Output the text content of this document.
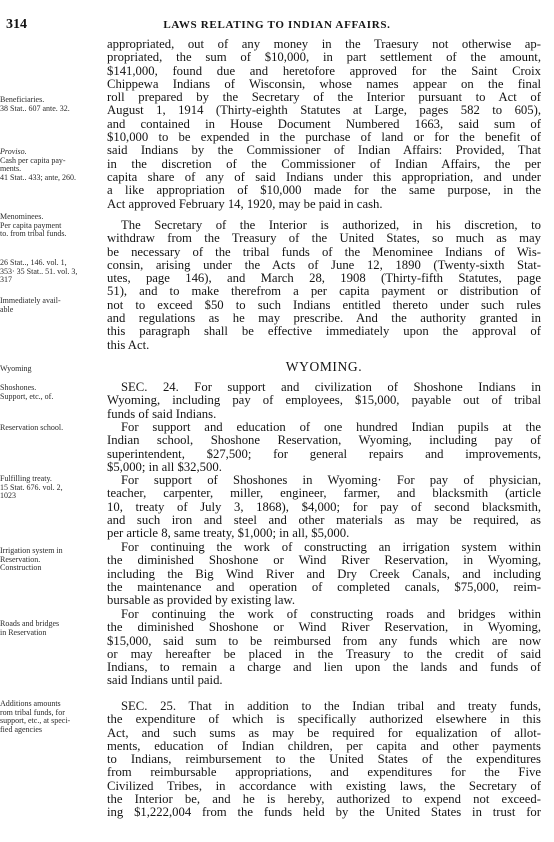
314	LAWS RELATING TO INDIAN AFFAIRS.
Beneficiaries.
38 Stat.. 607 ante. 32.
Proviso.
Cash per capita pay-
ments.
41 Stat.. 433; ante, 260.
Menominees.
Per capita payment
to. from tribal funds.
26 Stat.., 146. vol. 1,
353· 35 Stat.. 51. vol. 3,
317
Immediately avail-
able
Wyoming
Shoshones.
Support, etc., of.
Reservation school.
Fulfilling treaty.
15 Stat. 676. vol. 2,
1023
Irrigation system in
Reservation.
Construction
Roads and bridges
in Reservation
Additions amounts
rom tribal funds, for
support, etc., at speci-
fied agencies
appropriated, out of any money in the Traesury not otherwise ap-
propriated, the sum of $10,000, in part settlement of the amount,
$141,000, found due and heretofore approved for the Saint Croix
Chippewa Indians of Wisconsin, whose names appear on the final
roll prepared by the Secretary of the Interior pursuant to Act of
August 1, 1914 (Thirty-eighth Statutes at Large, pages 582 to 605),
and contained in House Document Numbered 1663, said sum of
$10,000 to be expended in the purchase of land or for the benefit of
said Indians by the Commissioner of Indian Affairs: Provided, That
in the discretion of the Commissioner of Indian Affairs, the per
capita share of any of said Indians under this appropriation, and under
a like appropriation of $10,000 made for the same purpose, in the
Act approved February 14, 1920, may be paid in cash.
The Secretary of the Interior is authorized, in his discretion, to
withdraw from the Treasury of the United States, so much as may
be necessary of the tribal funds of the Menominee Indians of Wis-
consin, arising under the Acts of June 12, 1890 (Twenty-sixth Stat-
utes, page 146), and March 28, 1908 (Thirty-fifth Statutes, page
51), and to make therefrom a per capita payment or distribution of
not to exceed $50 to such Indians entitled thereto under such rules
and regulations as he may prescribe. And the authority granted in
this paragraph shall be effective immediately upon the approval of
this Act.
WYOMING.
SEC. 24. For support and civilization of Shoshone Indians in
Wyoming, including pay of employees, $15,000, payable out of tribal
funds of said Indians.
For support and education of one hundred Indian pupils at the
Indian school, Shoshone Reservation, Wyoming, including pay of
superintendent, $27,500; for general repairs and improvements,
$5,000; in all $32,500.
For support of Shoshones in Wyoming· For pay of physician,
teacher, carpenter, miller, engineer, farmer, and blacksmith (article
10, treaty of July 3, 1868), $4,000; for pay of second blacksmith,
and such iron and steel and other materials as may be required, as
per article 8, same treaty, $1,000; in all, $5,000.
For continuing the work of constructing an irrigation system within
the diminished Shoshone or Wind River Reservation, in Wyoming,
including the Big Wind River and Dry Creek Canals, and including
the maintenance and operation of completed canals, $75,000, reim-
bursable as provided by existing law.
For continuing the work of constructing roads and bridges within
the diminished Shoshone or Wind River Reservation, in Wyoming,
$15,000, said sum to be reimbursed from any funds which are now
or may hereafter be placed in the Treasury to the credit of said
Indians, to remain a charge and lien upon the lands and funds of
said Indians until paid.
SEC. 25. That in addition to the Indian tribal and treaty funds,
the expenditure of which is specifically authorized elsewhere in this
Act, and such sums as may be required for equalization of allot-
ments, education of Indian children, per capita and other payments
to Indians, reimbursement to the United States of the expenditures
from reimbursable appropriations, and expenditures for the Five
Civilized Tribes, in accordance with existing laws, the Secretary of
the Interior be, and he is hereby, authorized to expend not exceed-
ing $1,222,004 from the funds held by the United States in trust for
